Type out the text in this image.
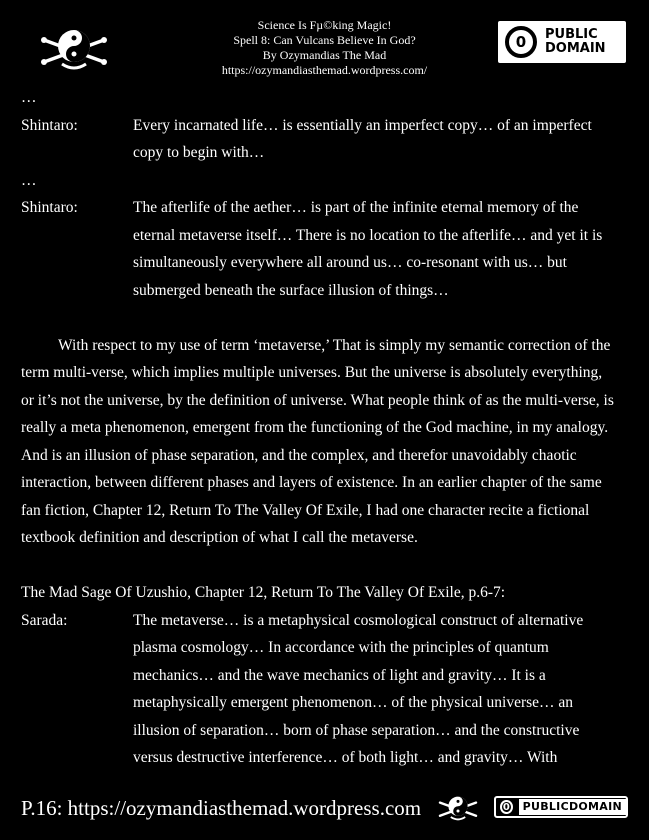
Science Is Fµ©king Magic!
Spell 8: Can Vulcans Believe In God?
By Ozymandias The Mad
https://ozymandiasthemad.wordpress.com/
0	PUBLIC
DOMAIN
…
Shintaro:	Every incarnated life… is essentially an imperfect copy… of an imperfect
copy to begin with…
…
Shintaro:	The afterlife of the aether… is part of the infinite eternal memory of the
eternal metaverse itself… There is no location to the afterlife… and yet it is
simultaneously everywhere all around us… co-resonant with us… but
submerged beneath the surface illusion of things…
With respect to my use of term ‘metaverse,’ That is simply my semantic correction of the
term multi-verse, which implies multiple universes. But the universe is absolutely everything,
or it’s not the universe, by the definition of universe. What people think of as the multi-verse, is
really a meta phenomenon, emergent from the functioning of the God machine, in my analogy.
And is an illusion of phase separation, and the complex, and therefor unavoidably chaotic
interaction, between different phases and layers of existence. In an earlier chapter of the same
fan fiction, Chapter 12, Return To The Valley Of Exile, I had one character recite a fictional
textbook definition and description of what I call the metaverse.
The Mad Sage Of Uzushio, Chapter 12, Return To The Valley Of Exile, p.6-7:
Sarada:	The metaverse… is a metaphysical cosmological construct of alternative
plasma cosmology… In accordance with the principles of quantum
mechanics… and the wave mechanics of light and gravity… It is a
metaphysically emergent phenomenon… of the physical universe… an
illusion of separation… born of phase separation… and the constructive
versus destructive interference… of both light… and gravity… With
P.16: https://ozymandiasthemad.wordpress.com	0	PUBLICDOMAIN
